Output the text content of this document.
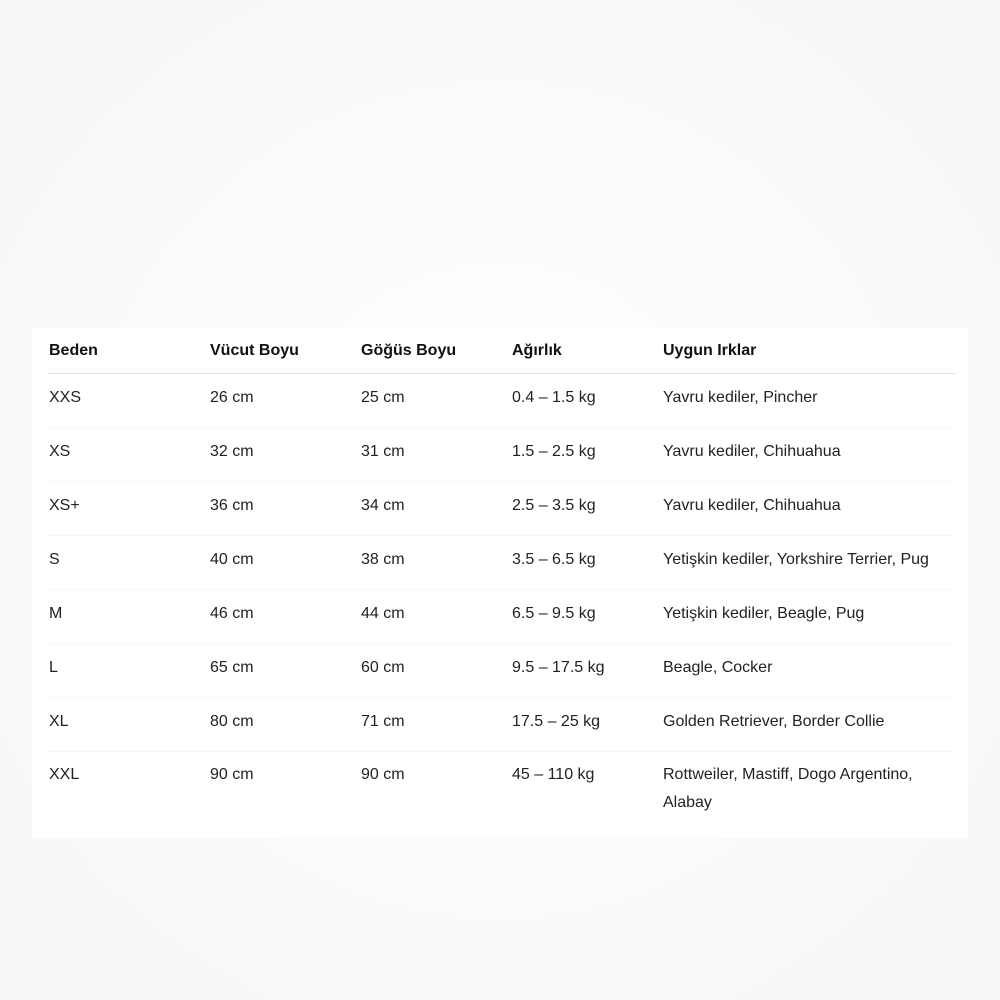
Beden	Vücut Boyu	Göğüs Boyu	Ağırlık	Uygun Irklar
XXS	26 cm	25 cm	0.4 – 1.5 kg	Yavru kediler, Pincher
XS	32 cm	31 cm	1.5 – 2.5 kg	Yavru kediler, Chihuahua
XS+	36 cm	34 cm	2.5 – 3.5 kg	Yavru kediler, Chihuahua
S	40 cm	38 cm	3.5 – 6.5 kg	Yetişkin kediler, Yorkshire Terrier, Pug
M	46 cm	44 cm	6.5 – 9.5 kg	Yetişkin kediler, Beagle, Pug
L	65 cm	60 cm	9.5 – 17.5 kg	Beagle, Cocker
XL	80 cm	71 cm	17.5 – 25 kg	Golden Retriever, Border Collie
XXL	90 cm	90 cm	45 – 110 kg	Rottweiler, Mastiff, Dogo Argentino, Alabay
